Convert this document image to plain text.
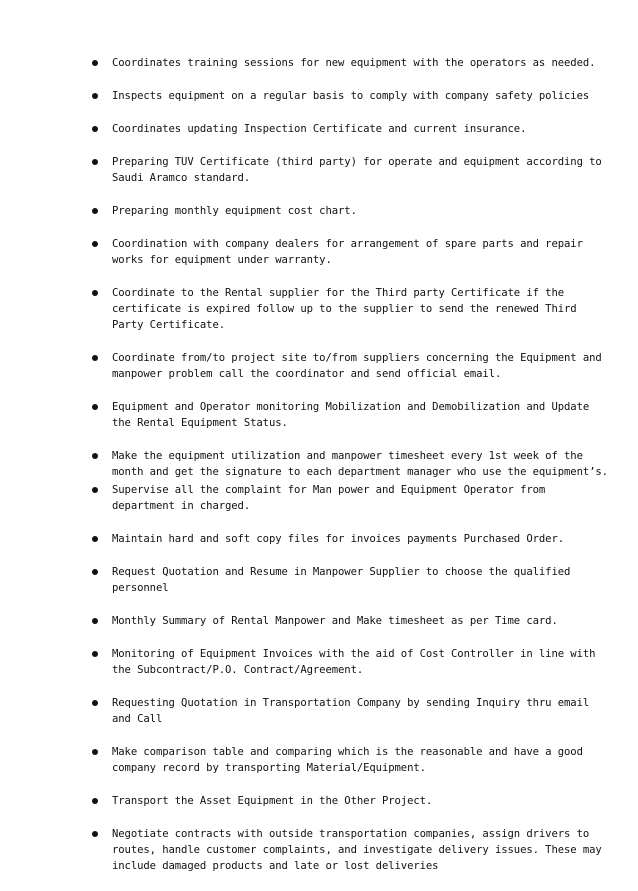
Coordinates training sessions for new equipment with the operators as needed.
Inspects equipment on a regular basis to comply with company safety policies
Coordinates updating Inspection Certificate and current insurance.
Preparing TUV Certificate (third party) for operate and equipment according to Saudi Aramco standard.
Preparing monthly equipment cost chart.
Coordination with company dealers for arrangement of spare parts and repair works for equipment under warranty.
Coordinate to the Rental supplier for the Third party Certificate if the certificate is expired follow up to the supplier to send the renewed Third Party Certificate.
Coordinate from/to project site to/from suppliers concerning the Equipment and manpower problem call the coordinator and send official email.
Equipment and Operator monitoring Mobilization and Demobilization and Update the Rental Equipment Status.
Make the equipment utilization and manpower timesheet every 1st week of the month and get the signature to each department manager who use the equipment’s.
Supervise all the complaint for Man power and Equipment Operator from department in charged.
Maintain hard and soft copy files for invoices payments Purchased Order.
Request Quotation and Resume in Manpower Supplier to choose the qualified personnel
Monthly Summary of Rental Manpower and Make timesheet as per Time card.
Monitoring of Equipment Invoices with the aid of Cost Controller in line with the Subcontract/P.O. Contract/Agreement.
Requesting Quotation in Transportation Company by sending Inquiry thru email and Call
Make comparison table and comparing which is the reasonable and have a good company record by transporting Material/Equipment.
Transport the Asset Equipment in the Other Project.
Negotiate contracts with outside transportation companies, assign drivers to routes, handle customer complaints, and investigate delivery issues. These may include damaged products and late or lost deliveries
